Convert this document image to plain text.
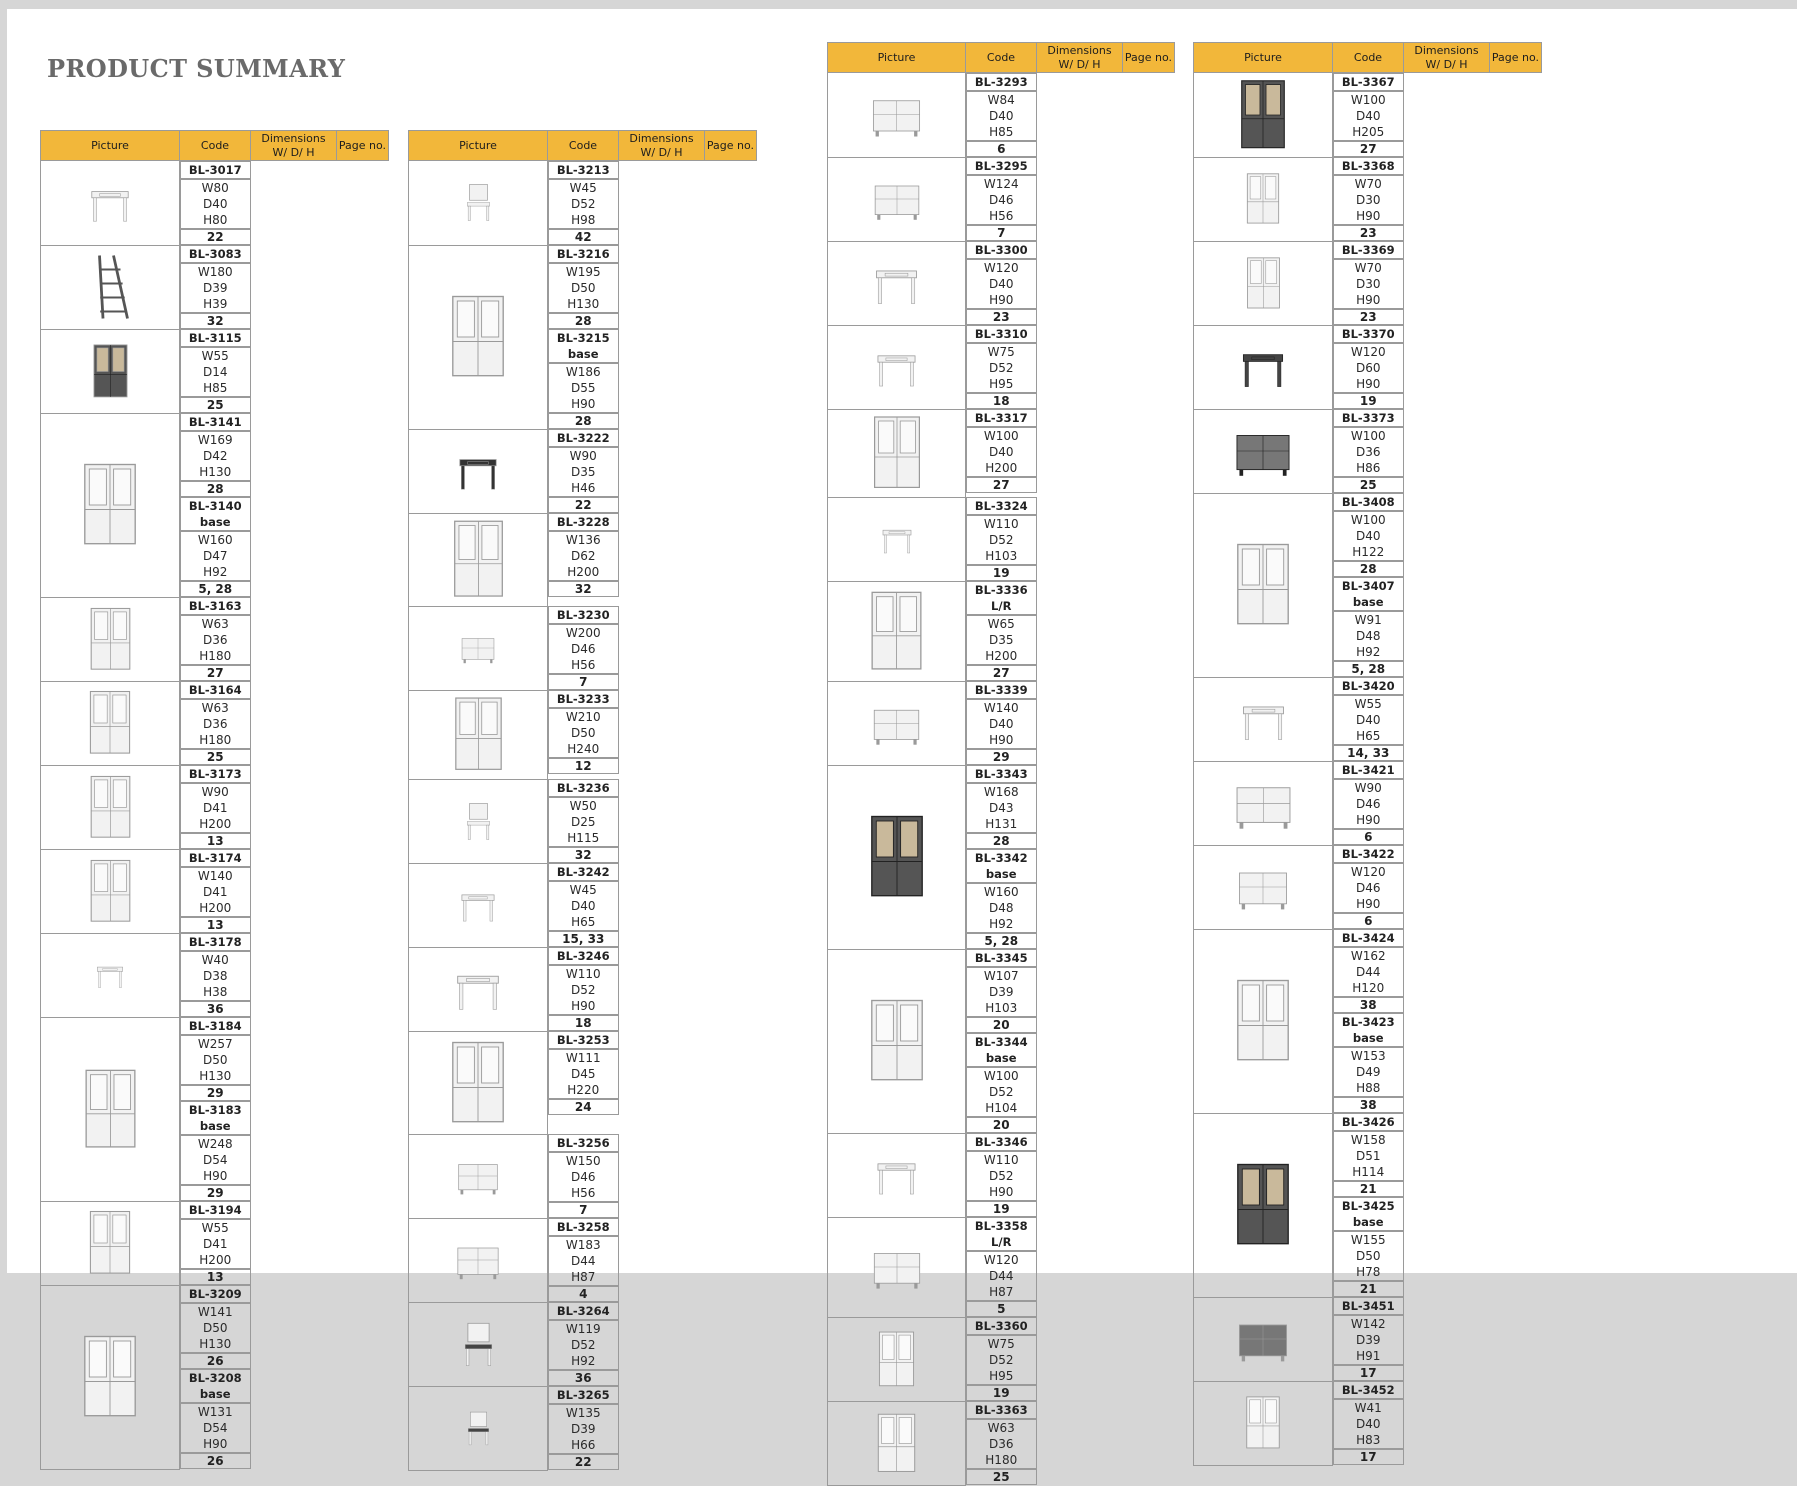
PRODUCT SUMMARY
Picture	Code	Dimensions
W/ D/ H	Page no.

BL-3017
W80
D40
H80
22

BL-3083
W180
D39
H39
32

BL-3115
W55
D14
H85
25

BL-3141
W169
D42
H130
28

BL-3140
base
W160
D47
H92
5, 28

BL-3163
W63
D36
H180
27

BL-3164
W63
D36
H180
25

BL-3173
W90
D41
H200
13

BL-3174
W140
D41
H200
13

BL-3178
W40
D38
H38
36

BL-3184
W257
D50
H130
29

BL-3183
base
W248
D54
H90
29

BL-3194
W55
D41
H200
13

BL-3209
W141
D50
H130
26

BL-3208
base
W131
D54
H90
26
Picture	Code	Dimensions
W/ D/ H	Page no.

BL-3213
W45
D52
H98
42

BL-3216
W195
D50
H130
28

BL-3215
base
W186
D55
H90
28

BL-3222
W90
D35
H46
22

BL-3228
W136
D62
H200
32

BL-3230
W200
D46
H56
7

BL-3233
W210
D50
H240
12

BL-3236
W50
D25
H115
32

BL-3242
W45
D40
H65
15, 33

BL-3246
W110
D52
H90
18

BL-3253
W111
D45
H220
24

BL-3256
W150
D46
H56
7

BL-3258
W183
D44
H87
4

BL-3264
W119
D52
H92
36

BL-3265
W135
D39
H66
22
Picture	Code	Dimensions
W/ D/ H	Page no.

BL-3293
W84
D40
H85
6

BL-3295
W124
D46
H56
7

BL-3300
W120
D40
H90
23

BL-3310
W75
D52
H95
18

BL-3317
W100
D40
H200
27

BL-3324
W110
D52
H103
19

BL-3336 L/R
W65
D35
H200
27

BL-3339
W140
D40
H90
29

BL-3343
W168
D43
H131
28

BL-3342
base
W160
D48
H92
5, 28

BL-3345
W107
D39
H103
20

BL-3344
base
W100
D52
H104
20

BL-3346
W110
D52
H90
19

BL-3358 L/R
W120
D44
H87
5

BL-3360
W75
D52
H95
19

BL-3363
W63
D36
H180
25
Picture	Code	Dimensions
W/ D/ H	Page no.

BL-3367
W100
D40
H205
27

BL-3368
W70
D30
H90
23

BL-3369
W70
D30
H90
23

BL-3370
W120
D60
H90
19

BL-3373
W100
D36
H86
25

BL-3408
W100
D40
H122
28

BL-3407
base
W91
D48
H92
5, 28

BL-3420
W55
D40
H65
14, 33

BL-3421
W90
D46
H90
6

BL-3422
W120
D46
H90
6

BL-3424
W162
D44
H120
38

BL-3423
base
W153
D49
H88
38

BL-3426
W158
D51
H114
21

BL-3425
base
W155
D50
H78
21

BL-3451
W142
D39
H91
17

BL-3452
W41
D40
H83
17
